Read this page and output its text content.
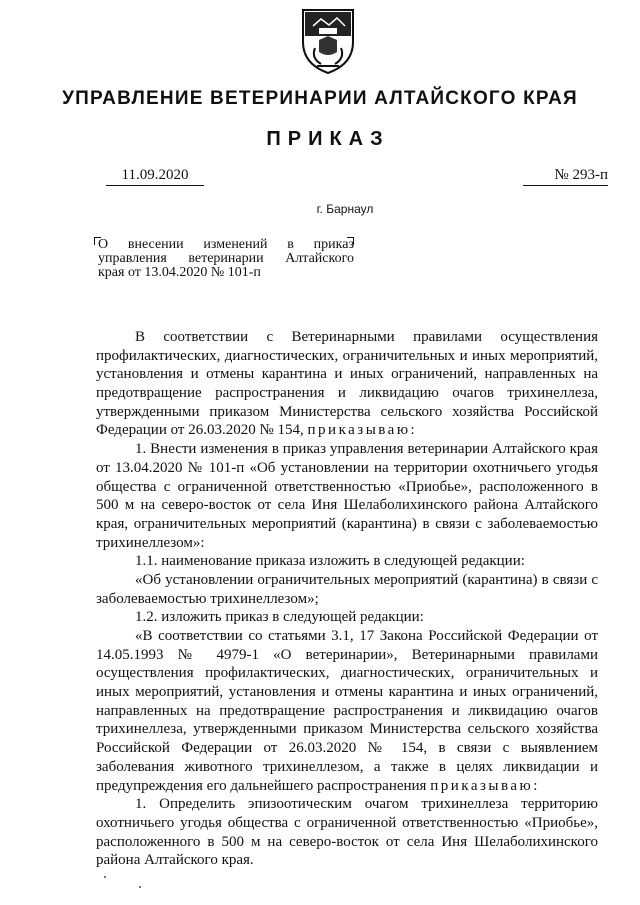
УПРАВЛЕНИЕ ВЕТЕРИНАРИИ АЛТАЙСКОГО КРАЯ
ПРИКАЗ
11.09.2020	№ 293-п
г. Барнаул
О внесении изменений в приказ
управления ветеринарии Алтайского
края от 13.04.2020 № 101-п
В соответствии с Ветеринарными правилами осуществления
профилактических, диагностических, ограничительных и иных мероприятий,
установления и отмены карантина и иных ограничений, направленных на
предотвращение распространения и ликвидацию очагов трихинеллеза,
утвержденными приказом Министерства сельского хозяйства Российской
Федерации от 26.03.2020 № 154, приказываю:
1. Внести изменения в приказ управления ветеринарии Алтайского края
от 13.04.2020 № 101-п «Об установлении на территории охотничьего угодья
общества с ограниченной ответственностью «Приобье», расположенного в
500 м на северо-восток от села Иня Шелаболихинского района Алтайского
края, ограничительных мероприятий (карантина) в связи с заболеваемостью
трихинеллезом»:
1.1. наименование приказа изложить в следующей редакции:
«Об установлении ограничительных мероприятий (карантина) в связи с
заболеваемостью трихинеллезом»;
1.2. изложить приказ в следующей редакции:
«В соответствии со статьями 3.1, 17 Закона Российской Федерации от
14.05.1993 № 4979-1 «О ветеринарии», Ветеринарными правилами
осуществления профилактических, диагностических, ограничительных и
иных мероприятий, установления и отмены карантина и иных ограничений,
направленных на предотвращение распространения и ликвидацию очагов
трихинеллеза, утвержденными приказом Министерства сельского хозяйства
Российской Федерации от 26.03.2020 № 154, в связи с выявлением
заболевания животного трихинеллезом, а также в целях ликвидации и
предупреждения его дальнейшего распространения приказываю:
1. Определить эпизоотическим очагом трихинеллеза территорию
охотничьего угодья общества с ограниченной ответственностью «Приобье»,
расположенного в 500 м на северо-восток от села Иня Шелаболихинского
района Алтайского края.
